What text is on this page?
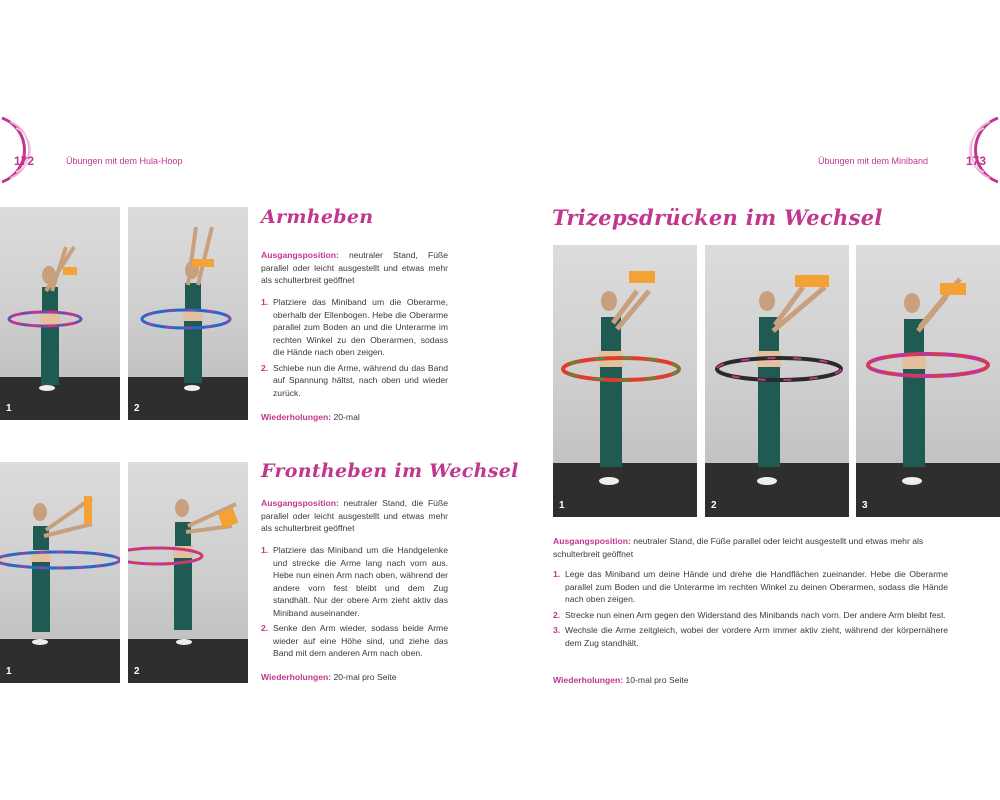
172	Übungen mit dem Hula-Hoop	Übungen mit dem Miniband	173
1	2
Armheben
Ausgangsposition: neutraler Stand, Füße parallel oder leicht ausgestellt und etwas mehr als schulterbreit geöffnet
1. Platziere das Miniband um die Oberarme, oberhalb der Ellenbogen. Hebe die Oberarme parallel zum Boden an und die Unterarme im rechten Winkel zu den Oberarmen, sodass die Hände nach oben zeigen.
2. Schiebe nun die Arme, während du das Band auf Spannung hältst, nach oben und wieder zurück.
Wiederholungen: 20-mal
1	2
Frontheben im Wechsel
Ausgangsposition: neutraler Stand, die Füße parallel oder leicht ausgestellt und etwas mehr als schulterbreit geöffnet
1. Platziere das Miniband um die Handgelenke und strecke die Arme lang nach vorn aus. Hebe nun einen Arm nach oben, während der andere vorn fest bleibt und dem Zug standhält. Nur der obere Arm zieht aktiv das Miniband auseinander.
2. Senke den Arm wieder, sodass beide Arme wieder auf eine Höhe sind, und ziehe das Band mit dem anderen Arm nach oben.
Wiederholungen: 20-mal pro Seite
Trizepsdrücken im Wechsel
1	2	3
Ausgangsposition: neutraler Stand, die Füße parallel oder leicht ausgestellt und etwas mehr als schulterbreit geöffnet
1. Lege das Miniband um deine Hände und drehe die Handflächen zueinander. Hebe die Oberarme parallel zum Boden und die Unterarme im rechten Winkel zu deinen Oberarmen, sodass die Hände nach oben zeigen.
2. Strecke nun einen Arm gegen den Widerstand des Minibands nach vorn. Der andere Arm bleibt fest.
3. Wechsle die Arme zeitgleich, wobei der vordere Arm immer aktiv zieht, während der körpernähere dem Zug standhält.
Wiederholungen: 10-mal pro Seite
